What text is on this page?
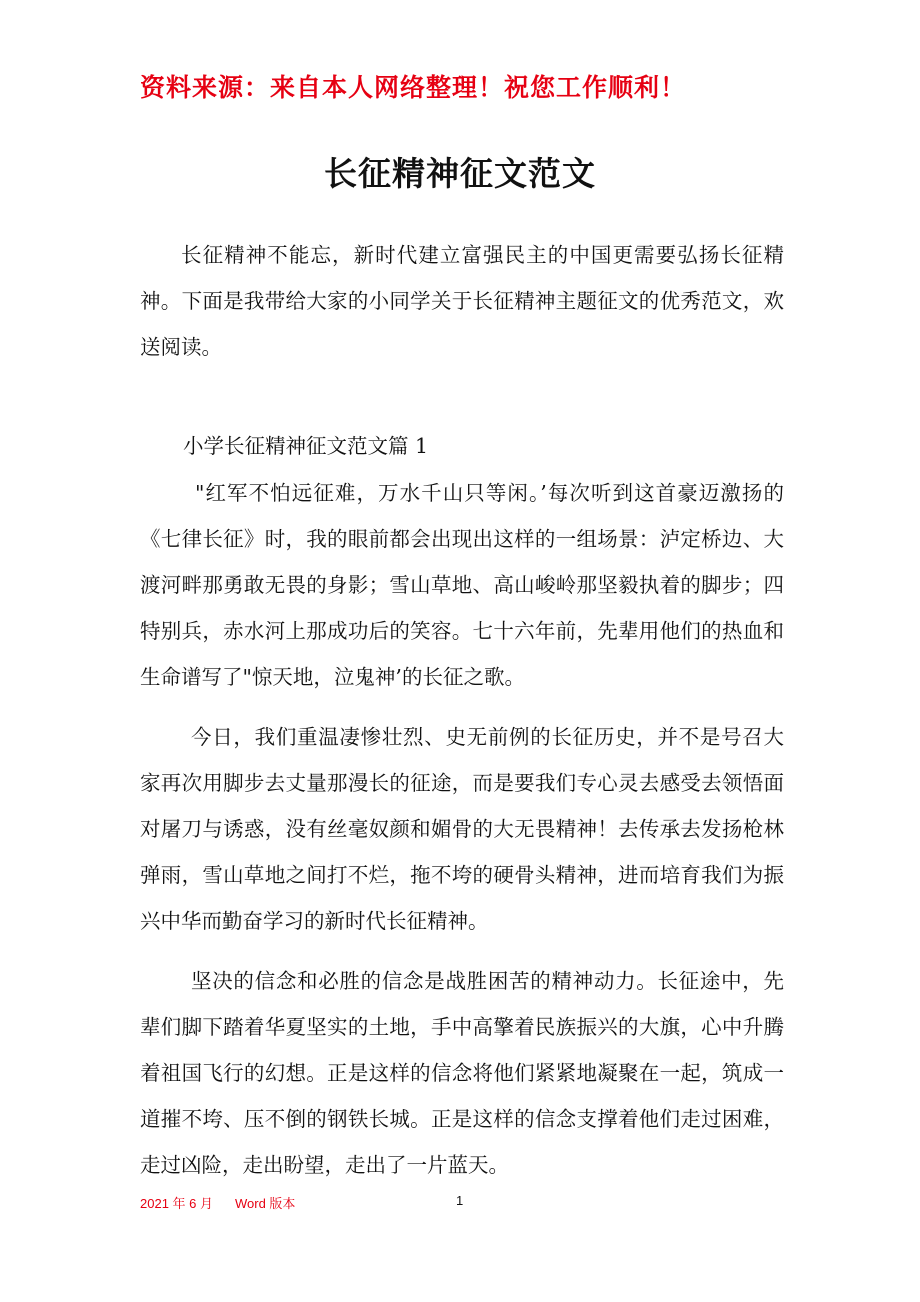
资料来源：来自本人网络整理！祝您工作顺利！
长征精神征文范文

长征精神不能忘，新时代建立富强民主的中国更需要弘扬长征精神。下面是我带给大家的小同学关于长征精神主题征文的优秀范文，欢送阅读。

小学长征精神征文范文篇 1

"红军不怕远征难，万水千山只等闲。’每次听到这首豪迈激扬的《七律长征》时，我的眼前都会出现出这样的一组场景：泸定桥边、大渡河畔那勇敢无畏的身影；雪山草地、高山峻岭那坚毅执着的脚步；四特别兵，赤水河上那成功后的笑容。七十六年前，先辈用他们的热血和生命谱写了"惊天地，泣鬼神’的长征之歌。

今日，我们重温凄惨壮烈、史无前例的长征历史，并不是号召大家再次用脚步去丈量那漫长的征途，而是要我们专心灵去感受去领悟面对屠刀与诱惑，没有丝毫奴颜和媚骨的大无畏精神！去传承去发扬枪林弹雨，雪山草地之间打不烂，拖不垮的硬骨头精神，进而培育我们为振兴中华而勤奋学习的新时代长征精神。

坚决的信念和必胜的信念是战胜困苦的精神动力。长征途中，先辈们脚下踏着华夏坚实的土地，手中高擎着民族振兴的大旗，心中升腾着祖国飞行的幻想。正是这样的信念将他们紧紧地凝聚在一起，筑成一道摧不垮、压不倒的钢铁长城。正是这样的信念支撑着他们走过困难，走过凶险，走出盼望，走出了一片蓝天。

2021 年 6 月 Word 版本	1
